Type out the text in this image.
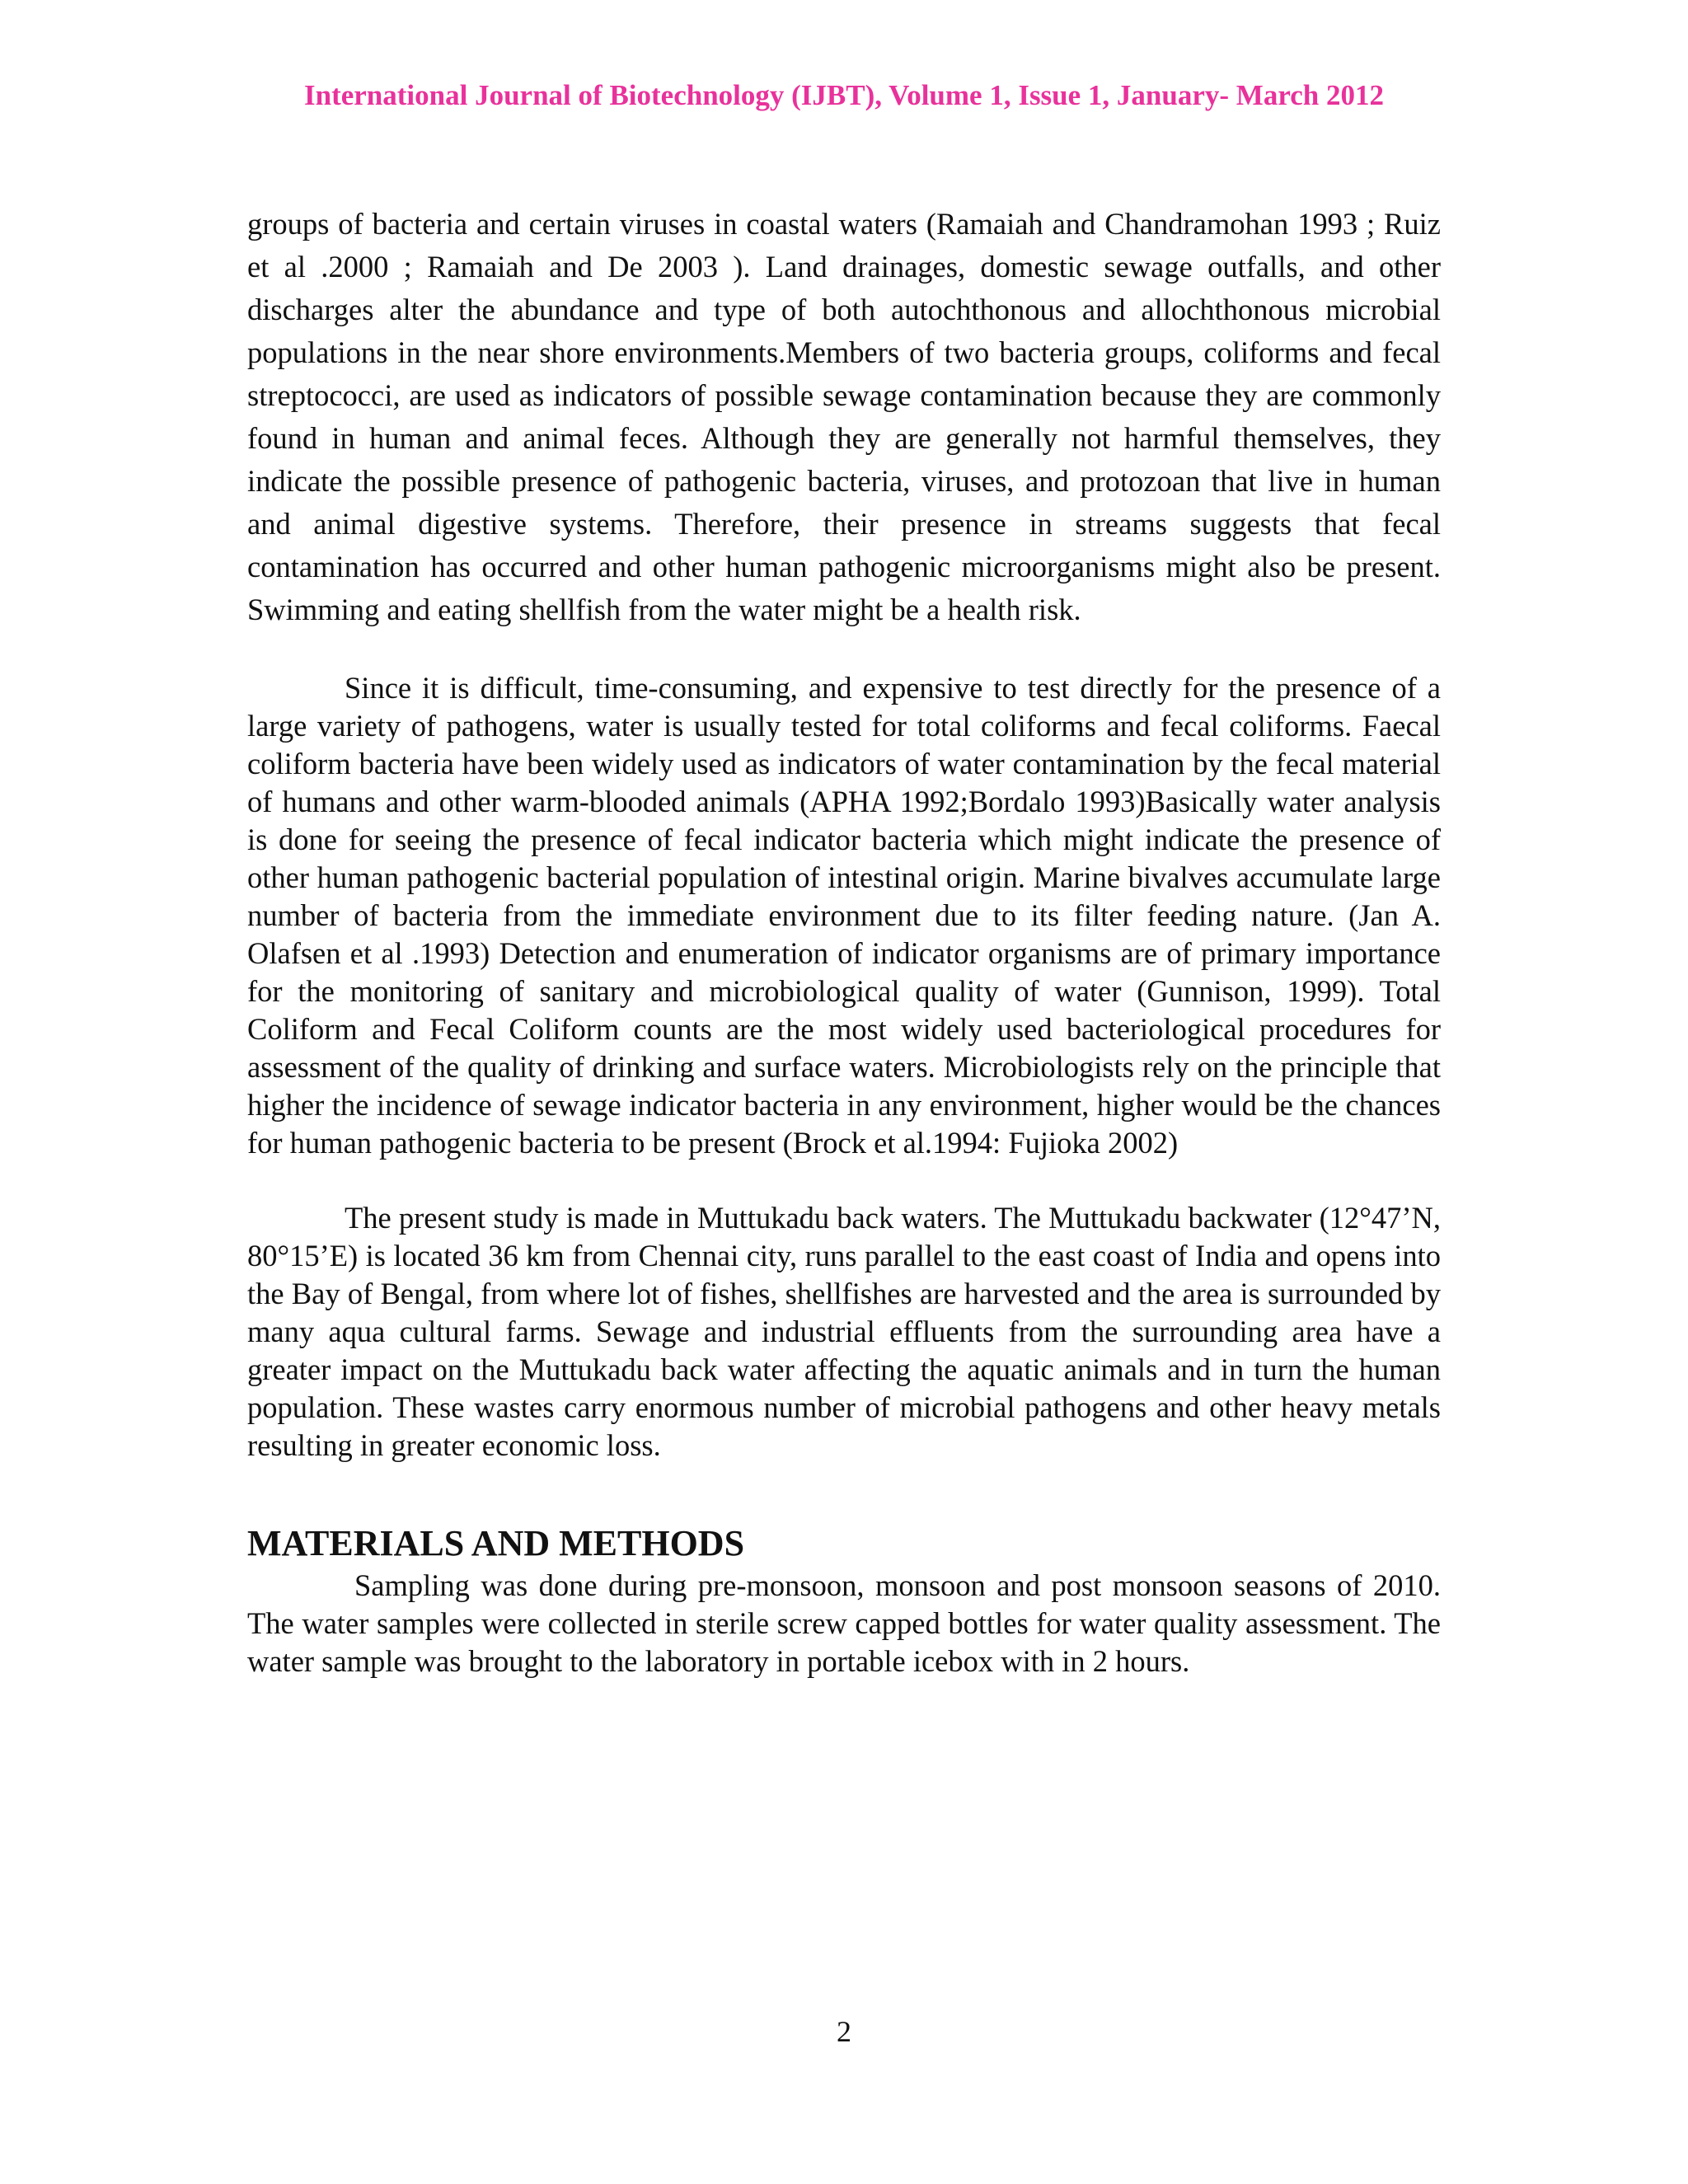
International Journal of Biotechnology (IJBT), Volume 1, Issue 1, January- March 2012

groups of bacteria and certain viruses in coastal waters (Ramaiah and Chandramohan 1993 ; Ruiz et al .2000 ; Ramaiah and De 2003 ). Land drainages, domestic sewage outfalls, and other discharges alter the abundance and type of both autochthonous and allochthonous microbial populations in the near shore environments.Members of two bacteria groups, coliforms and fecal streptococci, are used as indicators of possible sewage contamination because they are commonly found in human and animal feces. Although they are generally not harmful themselves, they indicate the possible presence of pathogenic bacteria, viruses, and protozoan that live in human and animal digestive systems. Therefore, their presence in streams suggests that fecal contamination has occurred and other human pathogenic microorganisms might also be present. Swimming and eating shellfish from the water might be a health risk.

Since it is difficult, time-consuming, and expensive to test directly for the presence of a large variety of pathogens, water is usually tested for total coliforms and fecal coliforms. Faecal coliform bacteria have been widely used as indicators of water contamination by the fecal material of humans and other warm-blooded animals (APHA 1992;Bordalo 1993)Basically water analysis is done for seeing the presence of fecal indicator bacteria which might indicate the presence of other human pathogenic bacterial population of intestinal origin. Marine bivalves accumulate large number of bacteria from the immediate environment due to its filter feeding nature. (Jan A. Olafsen et al .1993) Detection and enumeration of indicator organisms are of primary importance for the monitoring of sanitary and microbiological quality of water (Gunnison, 1999). Total Coliform and Fecal Coliform counts are the most widely used bacteriological procedures for assessment of the quality of drinking and surface waters. Microbiologists rely on the principle that higher the incidence of sewage indicator bacteria in any environment, higher would be the chances for human pathogenic bacteria to be present (Brock et al.1994: Fujioka 2002)

The present study is made in Muttukadu back waters. The Muttukadu backwater (12°47’N, 80°15’E) is located 36 km from Chennai city, runs parallel to the east coast of India and opens into the Bay of Bengal, from where lot of fishes, shellfishes are harvested and the area is surrounded by many aqua cultural farms. Sewage and industrial effluents from the surrounding area have a greater impact on the Muttukadu back water affecting the aquatic animals and in turn the human population. These wastes carry enormous number of microbial pathogens and other heavy metals resulting in greater economic loss.

MATERIALS AND METHODS

Sampling was done during pre-monsoon, monsoon and post monsoon seasons of 2010. The water samples were collected in sterile screw capped bottles for water quality assessment. The water sample was brought to the laboratory in portable icebox with in 2 hours.

2
